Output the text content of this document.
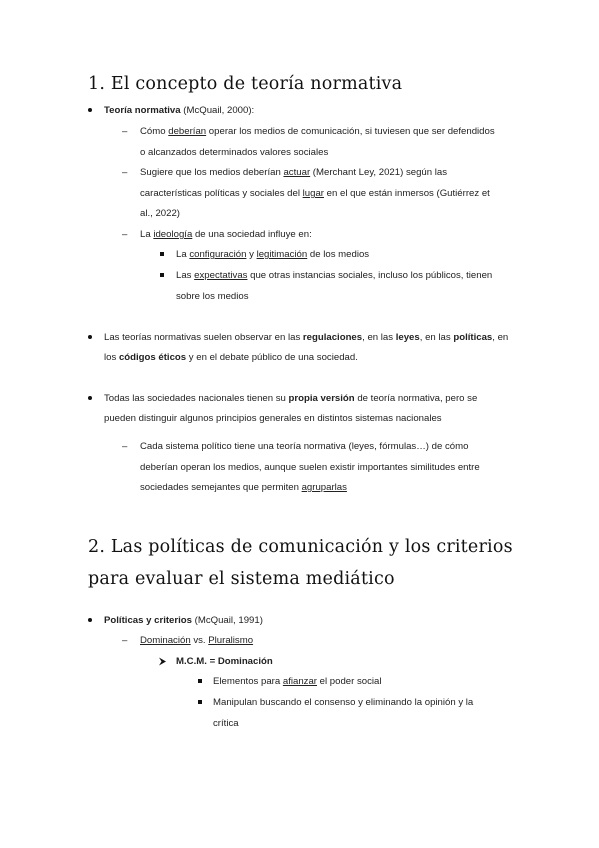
1. El concepto de teoría normativa
Teoría normativa (McQuail, 2000):
–
Cómo deberían operar los medios de comunicación, si tuviesen que ser defendidos
o alcanzados determinados valores sociales
–
Sugiere que los medios deberían actuar (Merchant Ley, 2021) según las
características políticas y sociales del lugar en el que están inmersos (Gutiérrez et
al., 2022)
–
La ideología de una sociedad influye en:
La configuración y legitimación de los medios
Las expectativas que otras instancias sociales, incluso los públicos, tienen
sobre los medios
Las teorías normativas suelen observar en las regulaciones, en las leyes, en las políticas, en
los códigos éticos y en el debate público de una sociedad.
Todas las sociedades nacionales tienen su propia versión de teoría normativa, pero se
pueden distinguir algunos principios generales en distintos sistemas nacionales
–
Cada sistema político tiene una teoría normativa (leyes, fórmulas…) de cómo
deberían operan los medios, aunque suelen existir importantes similitudes entre
sociedades semejantes que permiten agruparlas
2. Las políticas de comunicación y los criterios
para evaluar el sistema mediático
Políticas y criterios (McQuail, 1991)
–
Dominación vs. Pluralismo
M.C.M. = Dominación
Elementos para afianzar el poder social
Manipulan buscando el consenso y eliminando la opinión y la
crítica
